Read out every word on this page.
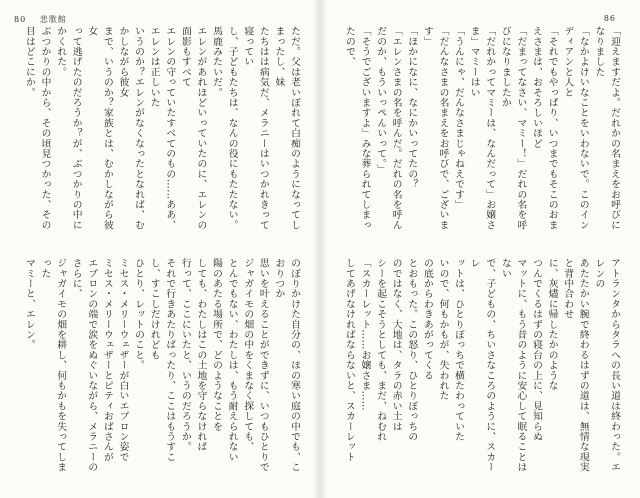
80 悲歌館
ただ。父は老いぼれて白痴のようになってしまったし、妹
たちはは病気だ、メラニーはいつかれきって寝ってい
し、子どもたちは、なんの役にもたたない。馬鹿みたいだ。
エレンがあれほどいっていたのに、エレンの面影もすべて
エレンの守っていたすべてのもの……ああ、エレンは正しいた
いうのか？エレンがなくなったとなれば、むかしながら彼女
まで、いうのか？家族とは、むかしながら彼女
って逃げたのだろうか？が、ぶつかりの中にかくれた。
ぶつかりの中から、その頃見つかった、その目はどこにか。
のぼりかけた自分の、ほの寒い庭の中でも、こおりつか
思いを叶えることができずに、いつもひとりで
ジャガイモの畑の中をくまなく探しても、
とんでもない、わたしは、もう耐えられない
陽のあたる場所で、どのようなことを
しても、わたしはこの土地を守らなければ
行って、ここにいたと、いうのだろうか。
それで行きあたりばったり、ここはもうすこし、すこしだけれども
ひとり、レットのこと。
ミセス・メリーウェザーが白いエプロン姿で
ミセス・メリーウェザーとピティおばさんが
エプロンの端で涙をぬぐいながら、メラニーのさらに、
ジャガイモの畑を耕し、何もかもを失ってしまった
マミーと、エレン。
86
「迎えますだよ。だれかの名まえをお呼びになりました
「なかよけいなことをいわないで。このインディアンと人と
「それでもやっぱり、いつまでもそこのおまえさまは、おそろしいほど
「だまってなさい、マミー！」だれの名を呼びになりましたか
「だれかってマミーは、なんだって」お嬢さま」マミーはい
「うんにゃ、だんなさまじゃねえです」
「だんなさまの名まえをお呼びで、ございます」
「ほかになに、なにかいってたの？
「エレンさまの名を呼んだ。だれの名を呼んだのか、もういっぺんいって。」
「そうでございますよ」みな葬られてしまったので、
アトランタからタラへの長い道は終わった。エレンの
あたたかい腕で終わるはずの道は、無情な現実と背中合わせ
に、灰燼に帰したかのような
つんでくるはずの寝台の上に、見知らぬ
マットに、もう昔のように安心して眠ることはない
で、子どもの、ちいさなころのように、スカーレ
ットは、ひとりぼっちで横たわっていた
いので、何もかもが、失われた
の底からわきあがってくる
とおもった。この怒り、ひとりぼっちの
のではなく、大地は、タラの赤い土は
シーを起こそうとしても、まだ、ねむれ
「スカーレット……お嬢さま……
してあげなければならないと、スカーレット
